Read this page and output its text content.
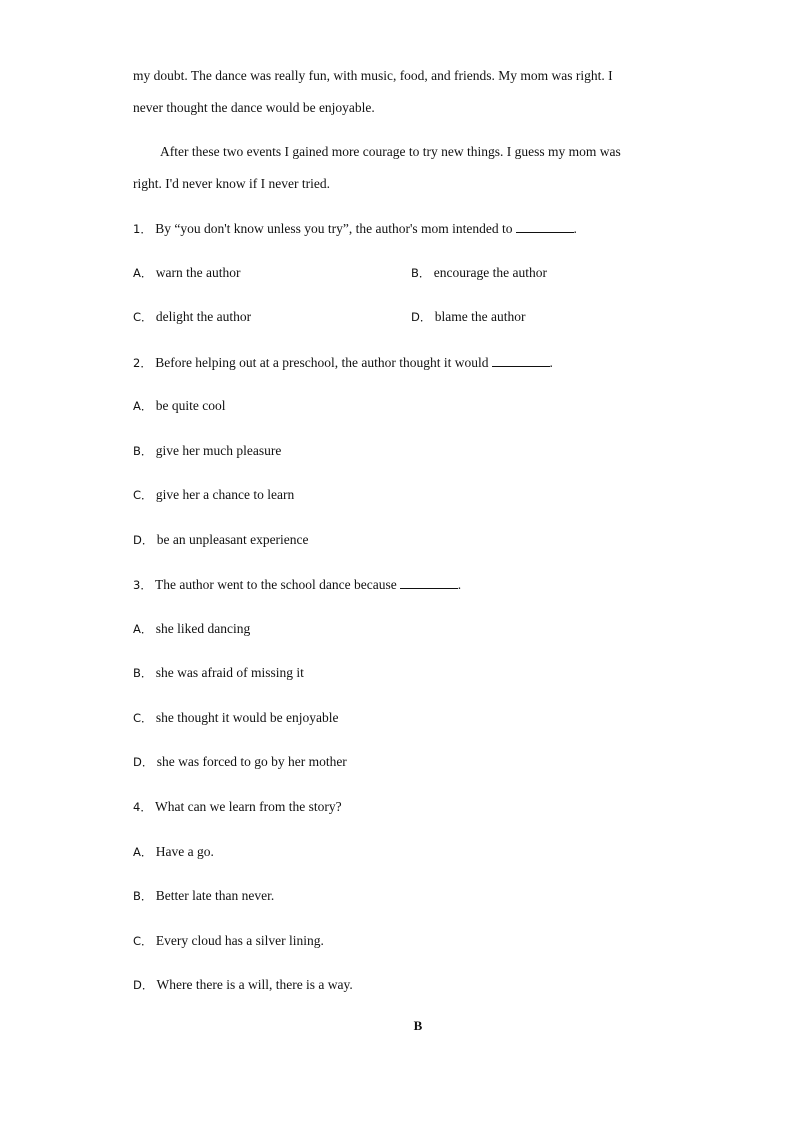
my doubt. The dance was really fun, with music, food, and friends. My mom was right. I
never thought the dance would be enjoyable.
After these two events I gained more courage to try new things. I guess my mom was
right. I'd never know if I never tried.
1． By “you don't know unless you try”, the author's mom intended to	.
A． warn the author	B． encourage the author
C． delight the author	D． blame the author
2． Before helping out at a preschool, the author thought it would	.
A． be quite cool
B． give her much pleasure
C． give her a chance to learn
D． be an unpleasant experience
3． The author went to the school dance because	.
A． she liked dancing
B． she was afraid of missing it
C． she thought it would be enjoyable
D． she was forced to go by her mother
4． What can we learn from the story?
A． Have a go.
B． Better late than never.
C． Every cloud has a silver lining.
D． Where there is a will, there is a way.
B
